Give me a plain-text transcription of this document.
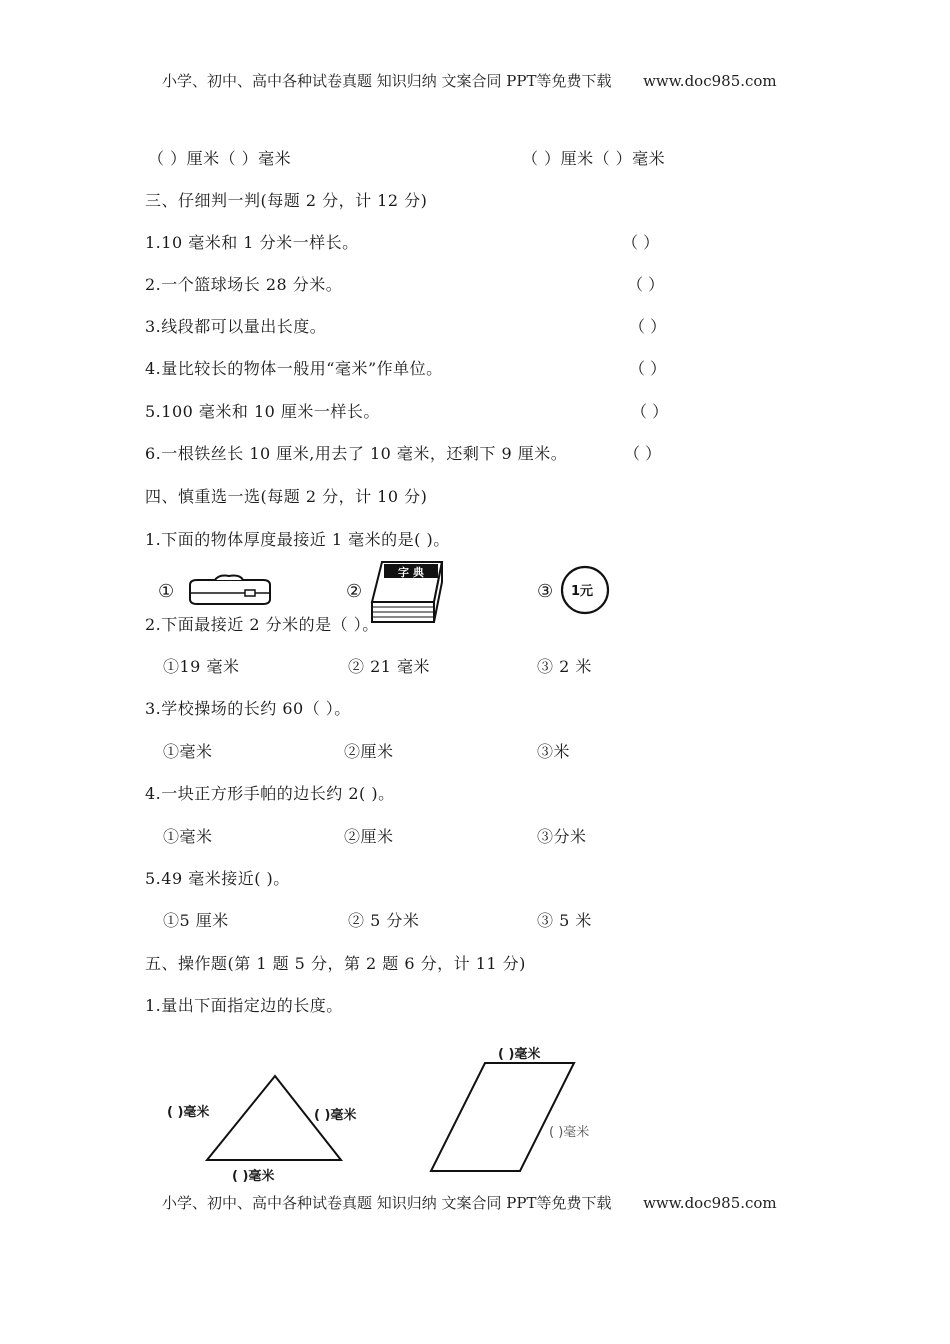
小学、初中、高中各种试卷真题 知识归纳 文案合同 PPT等免费下载 www.doc985.com
（ ）厘米（ ）毫米	（ ）厘米（ ）毫米
三、仔细判一判(每题 2 分，计 12 分)
1.10 毫米和 1 分米一样长。	（ ）
2.一个篮球场长 28 分米。	（ ）
3.线段都可以量出长度。	（ ）
4.量比较长的物体一般用“毫米”作单位。	（ ）
5.100 毫米和 10 厘米一样长。	（ ）
6.一根铁丝长 10 厘米,用去了 10 毫米，还剩下 9 厘米。	（ ）
四、慎重选一选(每题 2 分，计 10 分)
1.下面的物体厚度最接近 1 毫米的是( )。
①	②
字 典
③ 1元
2.下面最接近 2 分米的是（ ）。
①19 毫米	② 21 毫米	③ 2 米
3.学校操场的长约 60（ ）。
①毫米	②厘米	③米
4.一块正方形手帕的边长约 2( )。
①毫米	②厘米	③分米
5.49 毫米接近( )。
①5 厘米	② 5 分米	③ 5 米
五、操作题(第 1 题 5 分，第 2 题 6 分，计 11 分)
1.量出下面指定边的长度。
( )毫米	( )毫米
( )毫米
( )毫米
( )毫米
小学、初中、高中各种试卷真题 知识归纳 文案合同 PPT等免费下载 www.doc985.com
